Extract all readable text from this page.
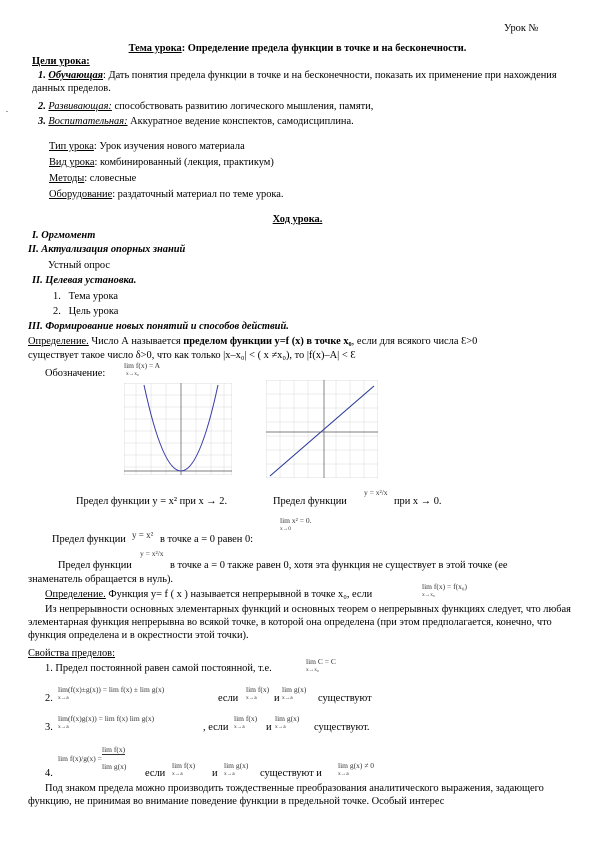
Урок №
Тема урока: Определение предела функции в точке и на бесконечности.
Цели урока:
1. Обучающая: Дать понятия предела функции в точке и на бесконечности, показать их применение при нахождения данных пределов.
2. Развивающая: способствовать развитию логического мышления, памяти,
.
3. Воспитательная: Аккуратное ведение конспектов, самодисциплина.
Тип урока: Урок изучения нового материала
Вид урока: комбинированный (лекция, практикум)
Методы: словесные
Оборудование: раздаточный материал по теме урока.
Ход урока.
I. Оргмомент
II. Актуализация опорных знаний
Устный опрос
II. Целевая установка.
1.   Тема урока
2.   Цель урока
III. Формирование новых понятий и способов действий.
Определение. Число А называется пределом функции y=f (x) в точке x₀, если для всякого числа Ɛ>0
существует такое число δ>0, что как только |x–x₀| < ( x ≠x₀), то |f(x)–A| < Ɛ
Обозначение:
lim f(x) = A
x→x₀
Предел функции у = x² при x → 2.	Предел функции
y = x²/x
при x → 0.
Предел функции y = x² в точке а = 0 равен 0:
lim x² = 0.
x→0
Предел функции
y = x²/x
в точке а = 0 также равен 0, хотя эта функция не существует в этой точке (ее
знаменатель обращается в нуль).
Определение. Функция y= f ( x ) называется непрерывной в точке x₀, если
lim f(x) = f(x₀)
x→x₀
Из непрерывности основных элементарных функций и основных теорем о непрерывных функциях следует, что любая элементарная функция непрерывна во всякой точке, в которой она определена (при этом предполагается, конечно, что функция определена и в окрестности этой точки).
Свойства пределов:
1. Предел постоянной равен самой постоянной, т.е.
lim C = C
x→x₀
2.
lim(f(x)±g(x)) = lim f(x) ± lim g(x)
x→a	если
lim f(x)
x→a	и
lim g(x)
x→a	существуют
3.
lim(f(x)g(x)) = lim f(x) lim g(x)
x→a	, если
lim f(x)
x→a	и
lim g(x)
x→a	существуют.
4.
lim f(x)
lim f(x)/g(x) =
lim g(x)
если
lim f(x)
x→a	и
lim g(x)
x→a	существуют и
lim g(x) ≠ 0
x→a
Под знаком предела можно производить тождественные преобразования аналитического выражения, задающего функцию, не принимая во внимание поведение функции в предельной точке. Особый интерес
